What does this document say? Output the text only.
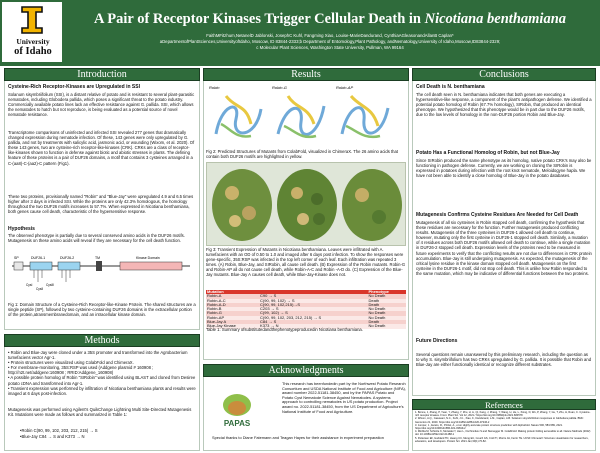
University
of Idaho
A Pair of Receptor Kinases Trigger Cellular Death in Nicotiana benthamiana
FaithMFitzhum,NetanelD Jablonski, JosephC Kuhl, Fangming Xiao, Louise-MarieDandurand, CynthiaAGleasonandAllanB Caplan*
aDepartmentofPlantSciences,UniversityofIdaho, Moscow, ID 83844-2333;b Department of Entomology,Plant Pathology, andNematology,University of Idaho,Moscow,ID83844-2329;
c Molecular Plant Sciences, Washington State University, Pullman, WA 99164
Introduction
Cysteine-Rich Receptor-Kinases are Upregulated in SSI
Solanum sisymbriifolium (SSI), is a distant relative of potato and is resistant to several plant-parasitic nematodes, including Globodera pallida, which poses a significant threat to the potato industry. Commercially available potato lines lack an effective resistance against G. pallida. SSI, which allows the nematodes to hatch but not reproduce, is being evaluated as a potential source of novel nematode resistance.
Transcriptome comparisons of uninfected and infected SSI revealed 277 genes that dramatically changed expression during nematode infection. Of these, 143 genes were only upregulated by G. pallida, and not by treatments with salicylic acid, jasmonic acid, or wounding (Wixom, et al. 2020). Of these 143 genes, two are cysteine-rich receptor-like-kinases (CRK). CRKs are a class of receptor-like-kinases shown to function in defense against biotic and abiotic stresses in plants. The defining feature of these proteins is a pair of DUF26 domains, a motif that contains 3 cysteines arranged in a C-(aa8)-C-(aa2)-C pattern (Fig1).
These two proteins, provisionally named "Robin" and "Blue-Jay" were upregulated 4.9 and 6.5 times higher after 3 days in infected SSI. While the proteins are only 42.3% homologous, the homology throughout the two DUF26 motifs increases to 57.7%. When expressed in Nicotiana benthamiana, both genes cause cell death, characteristic of the hypersensitive response.
Hypothesis
The observed phenotype is partially due to several conserved amino acids in the DUF26 motifs. Mutagenesis on these amino acids will reveal if they are necessary for the cell death function.
SP	DUF26-1	DUF26-2	TM	Kinase Domain
CysI
CysII
CysIII
Fig 1: Domain Structure of a Cysteine-Rich Receptor-like-Kinase Protein. The shared structures are a single peptide (SP), followed by two cysteine-containing DUF26 domains in the extracellular portion of the protein,atransmembranedomain, and an intracellular kinase domain.
Methods
• Robin and Blue-Jay were cloned under a 35S promoter and transformed into the Agrobacterium tumefaciens vector Agr-1.
• Protein structures were visualized using ColabFold and ChimeraX.
• For membrane-monitoring, 35S:RSP was used (Addgene plasmid # 160908 ; http://n2t.net/addgene:160908 ; RRID:Addgene_160908)
• A possible protein homolog of Robin "SIRobin" was identified using BLAST and cloned from Desiree potato cDNA and transformed into Agr-1.
• Transient expression was performed by infiltration of Nicotiana benthamiana plants and results were imaged at 6 days post-infection.
Mutagenesis was performed using Agilent's QuikChange Lightning Multi Site-Directed Mutagenesis Kit. Mutations were made as follows and summarized in Table 1:
•Robin C(90, 99, 102, 203, 212, 215) → S
•Blue-Jay C84 → S and K373 → N
Results
Robin	Robin-G	Robin-AP
Fig 2: Predicted Structures of Mutants from ColabFold, visualized in ChimeraX. The 26 amino acids that contain both DUF26 motifs are highlighted in yellow.
Fig 3: Transient Expression of Mutants in Nicotiana benthamiana. Leaves were infiltrated with A. tumefaciens with an OD of 0.50 to 1.0 and imaged after 6 days post infection. To show the responses were gene-specific, 35S:RSP was infected in the top left corner of each leaf. Each infiltration was repeated 3 times. (A) Robin, Blue-Jay, and SIRobin, all cause cell death. (B) Expression of the Robin mutants. Robin-G and Robin-AP all do not cause cell death, while Robin-A-C and Robin -A-D do. (C) Expression of the Blue-Jay mutants. Blue-Jay A causes cell death, while Blue-Jay-Kinase does not.
Mutation		Phenotype
Robin-A	C90 → S	No Death
Robin-A-C	C(90, 99, 102) → S	Death
Robin-A-D	C(90, 99, 102,215)→S	Death
Robin-B	C203 → S	No Death
Robin-G	C(99, 102) → S	No Death
Robin-AP	C(90, 99, 102, 203, 212, 215) → S	No Death
Blue-Jay A	C84 → S	Death
Blue-Jay Kinase	K373 → N	No Death
Table 1: Summary ofsubstitutedandthephenotypeproducedin Nicotiana benthamiana.
Acknowledgments
PAPAS
This research has beenfundedin part by the Northwest Potato Research Consortium and USDA National Institute of Food and Agriculture (NIFA), award number 2022-51181-38450, and by the PAPAS Potato and Potato Cyst Nematode Science Against Nematodes. A systems approach to controlling nematodes in US potato production. Project award no. 2022-51181-38450, from the US Department of Agriculture's National Institute of Food and Agriculture.
Special thanks to Diane Fatemann and Teagan Hayes for their assistance in experiment preparation
Conclusions
Cell Death is N. benthamiana
The cell death seen in N. benthamiana indicates that both genes are executing a hypersensitive-like response, a component of the plant's antipathogen defense. We identified a potential potato homolog of Robin (67.7% homology), SIRobin, that produced an identical phenotype. We hypothesized that this phenotype would be in part due to the DUF26 motifs, due to the low levels of homology in the non-DUF26 portion Robin and Blue-Jay.
Potato Has a Functional Homolog of Robin, but not Blue-Jay
Since SIRobin produced the same phenotype as its homolog, native potato CRK's may also be functioning in pathogen defense. Currently, we are working on cloning the SIRobin is expressed in potatoes during infection with the root knot nematode, Meloidogyne hapla. We have not been able to identify a close homolog of Blue-Jay in the potato databases.
Mutagenesis Confirms Cysteine Residues Are Needed for Cell Death
Mutagenesis of all six cysteines in Robin stopped cell death, confirming the hypothesis that these residues are necessary for the function. Further mutagenesis produced conflicting results. Mutagenesis of the three cysteines in DUF26-1 allowed cell death to continue, however, mutating only the first cysteine in DUF26-1 stopped cell death. Similarly, a mutation of 4 residues across both DUF26 motifs allowed cell death to continue, while a single mutation in DUF26-2 stopped cell death. Expression levels of the proteins need to be measured in future experiments to verify that the conflicting results are not due to differences in CRK protein accumulation. Blue-Jay is still undergoing mutagenesis. As expected, the mutagenesis of the critical lysine residue in the kinase domain stopped cell death. Mutagenesis on the first cysteine in the DUF26-1 motif, did not stop cell death. This is unlike how Robin responded to the same mutation, which may be indicative of differential functions between the two proteins.
Future Directions
Several questions remain unanswered by this preliminary research, including the question as to why S. sisymbriifolium has two CRKs upregulated by G. pallida. It is possible that Robin and Blue-Jay are either functionally identical or recognize different substrates.
References
1. Bonne, J, Zhang, P, Yuan, Y, Zhang, Y, Zhu, H, Li, Qi, Kang, J, Zhang, Y, Wang, H, Hu, L, Xiong, D, Wu, P, Zhang, Y, Gu, T, Zhu, H, Ruan, C. Cysteine-rich receptor kinases. Front. Plant Sci. Vol 12, 2021 / https://doi.org/10.3389/fpls.2021.684578
2. Wixom, A.Q., Casavant, N.C., Kuhl, J.C., Xiao, F., Dandurand, L-M., Caplan, A.B. Solanum sisymbriifolium responses to Globodera pallida. BMC Genomics 21, 2020. https://doi.org/10.1186/s12864-020-07246-2
3. Jumper, J., Evans, R., Pritzel, A., et al. Highly accurate protein structure prediction with AlphaFold. Nature 596, 583-589, 2021. https://doi.org/10.1038/s41586-021-03819-2
4. Mirdita M, Schütze K, Moriwaki Y, Heo L, Ovchinnikov S and Steinegger M. ColabFold: Making protein folding accessible to all. Nature Methods (2022) doi: 10.1038/s41592-022-01488-1
5. Pettersen EF, Goddard TD, Huang CC, Meng EC, Couch GS, Croll TI, Morris JH, Ferrin TE. UCSF ChimeraX: Structure visualization for researchers, educators, and developers. Protein Sci. 2021 Jan;30(1):70-82.
